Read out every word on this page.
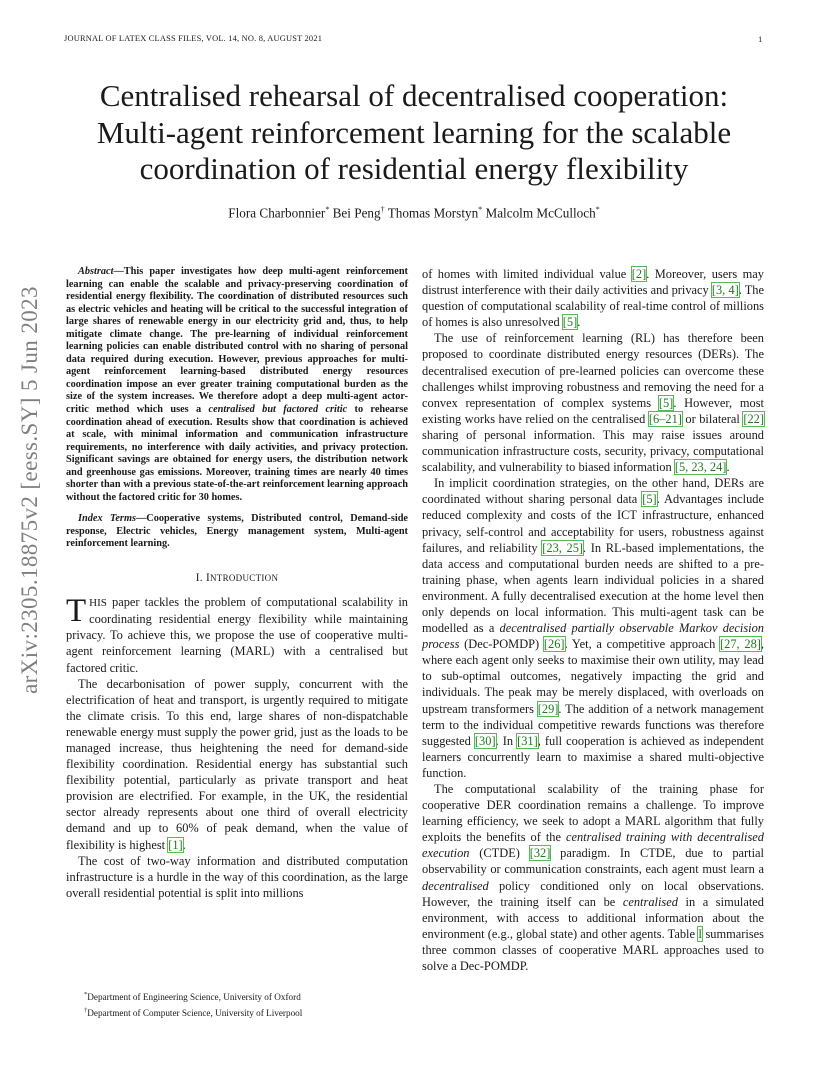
JOURNAL OF LATEX CLASS FILES, VOL. 14, NO. 8, AUGUST 2021	1
Centralised rehearsal of decentralised cooperation:
Multi-agent reinforcement learning for the scalable
coordination of residential energy flexibility
Flora Charbonnier* Bei Peng† Thomas Morstyn* Malcolm McCulloch*
arXiv:2305.18875v2 [eess.SY] 5 Jun 2023

Abstract—This paper investigates how deep multi-agent reinforcement learning can enable the scalable and privacy-preserving coordination of residential energy flexibility. The coordination of distributed resources such as electric vehicles and heating will be critical to the successful integration of large shares of renewable energy in our electricity grid and, thus, to help mitigate climate change. The pre-learning of individual reinforcement learning policies can enable distributed control with no sharing of personal data required during execution. However, previous approaches for multi-agent reinforcement learning-based distributed energy resources coordination impose an ever greater training computational burden as the size of the system increases. We therefore adopt a deep multi-agent actor-critic method which uses a centralised but factored critic to rehearse coordination ahead of execution. Results show that coordination is achieved at scale, with minimal information and communication infrastructure requirements, no interference with daily activities, and privacy protection. Significant savings are obtained for energy users, the distribution network and greenhouse gas emissions. Moreover, training times are nearly 40 times shorter than with a previous state-of-the-art reinforcement learning approach without the factored critic for 30 homes.

Index Terms—Cooperative systems, Distributed control, Demand-side response, Electric vehicles, Energy management system, Multi-agent reinforcement learning.

I. INTRODUCTION

THIS paper tackles the problem of computational scalability in coordinating residential energy flexibility while maintaining privacy. To achieve this, we propose the use of cooperative multi-agent reinforcement learning (MARL) with a centralised but factored critic.

The decarbonisation of power supply, concurrent with the electrification of heat and transport, is urgently required to mitigate the climate crisis. To this end, large shares of non-dispatchable renewable energy must supply the power grid, just as the loads to be managed increase, thus heightening the need for demand-side flexibility coordination. Residential energy has substantial such flexibility potential, particularly as private transport and heat provision are electrified. For example, in the UK, the residential sector already represents about one third of overall electricity demand and up to 60% of peak demand, when the value of flexibility is highest [1].

The cost of two-way information and distributed computation infrastructure is a hurdle in the way of this coordination, as the large overall residential potential is split into millions

of homes with limited individual value [2]. Moreover, users may distrust interference with their daily activities and privacy [3, 4]. The question of computational scalability of real-time control of millions of homes is also unresolved [5].

The use of reinforcement learning (RL) has therefore been proposed to coordinate distributed energy resources (DERs). The decentralised execution of pre-learned policies can overcome these challenges whilst improving robustness and removing the need for a convex representation of complex systems [5]. However, most existing works have relied on the centralised [6–21] or bilateral [22] sharing of personal information. This may raise issues around communication infrastructure costs, security, privacy, computational scalability, and vulnerability to biased information [5, 23, 24].

In implicit coordination strategies, on the other hand, DERs are coordinated without sharing personal data [5]. Advantages include reduced complexity and costs of the ICT infrastructure, enhanced privacy, self-control and acceptability for users, robustness against failures, and reliability [23, 25]. In RL-based implementations, the data access and computational burden needs are shifted to a pre-training phase, when agents learn individual policies in a shared environment. A fully decentralised execution at the home level then only depends on local information. This multi-agent task can be modelled as a decentralised partially observable Markov decision process (Dec-POMDP) [26]. Yet, a competitive approach [27, 28], where each agent only seeks to maximise their own utility, may lead to sub-optimal outcomes, negatively impacting the grid and individuals. The peak may be merely displaced, with overloads on upstream transformers [29]. The addition of a network management term to the individual competitive rewards functions was therefore suggested [30]. In [31], full cooperation is achieved as independent learners concurrently learn to maximise a shared multi-objective function.

The computational scalability of the training phase for cooperative DER coordination remains a challenge. To improve learning efficiency, we seek to adopt a MARL algorithm that fully exploits the benefits of the centralised training with decentralised execution (CTDE) [32] paradigm. In CTDE, due to partial observability or communication constraints, each agent must learn a decentralised policy conditioned only on local observations. However, the training itself can be centralised in a simulated environment, with access to additional information about the environment (e.g., global state) and other agents. Table I summarises three common classes of cooperative MARL approaches used to solve a Dec-POMDP.

*Department of Engineering Science, University of Oxford
†Department of Computer Science, University of Liverpool
